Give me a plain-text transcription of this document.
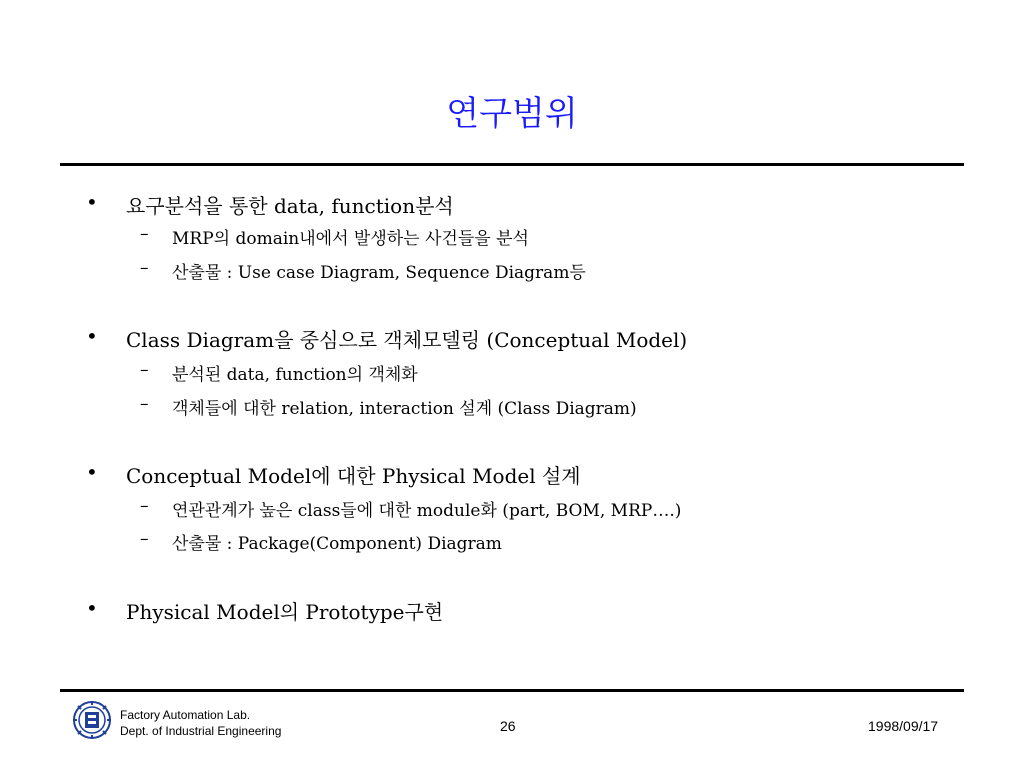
연구범위
• 요구분석을 통한 data, function분석
– MRP의 domain내에서 발생하는 사건들을 분석
– 산출물 : Use case Diagram, Sequence Diagram등
• Class Diagram을 중심으로 객체모델링 (Conceptual Model)
– 분석된 data, function의 객체화
– 객체들에 대한 relation, interaction 설계 (Class Diagram)
• Conceptual Model에 대한 Physical Model 설계
– 연관관계가 높은 class들에 대한 module화 (part, BOM, MRP….)
– 산출물 : Package(Component) Diagram
• Physical Model의 Prototype구현
Factory Automation Lab.
Dept. of Industrial Engineering	26	1998/09/17
